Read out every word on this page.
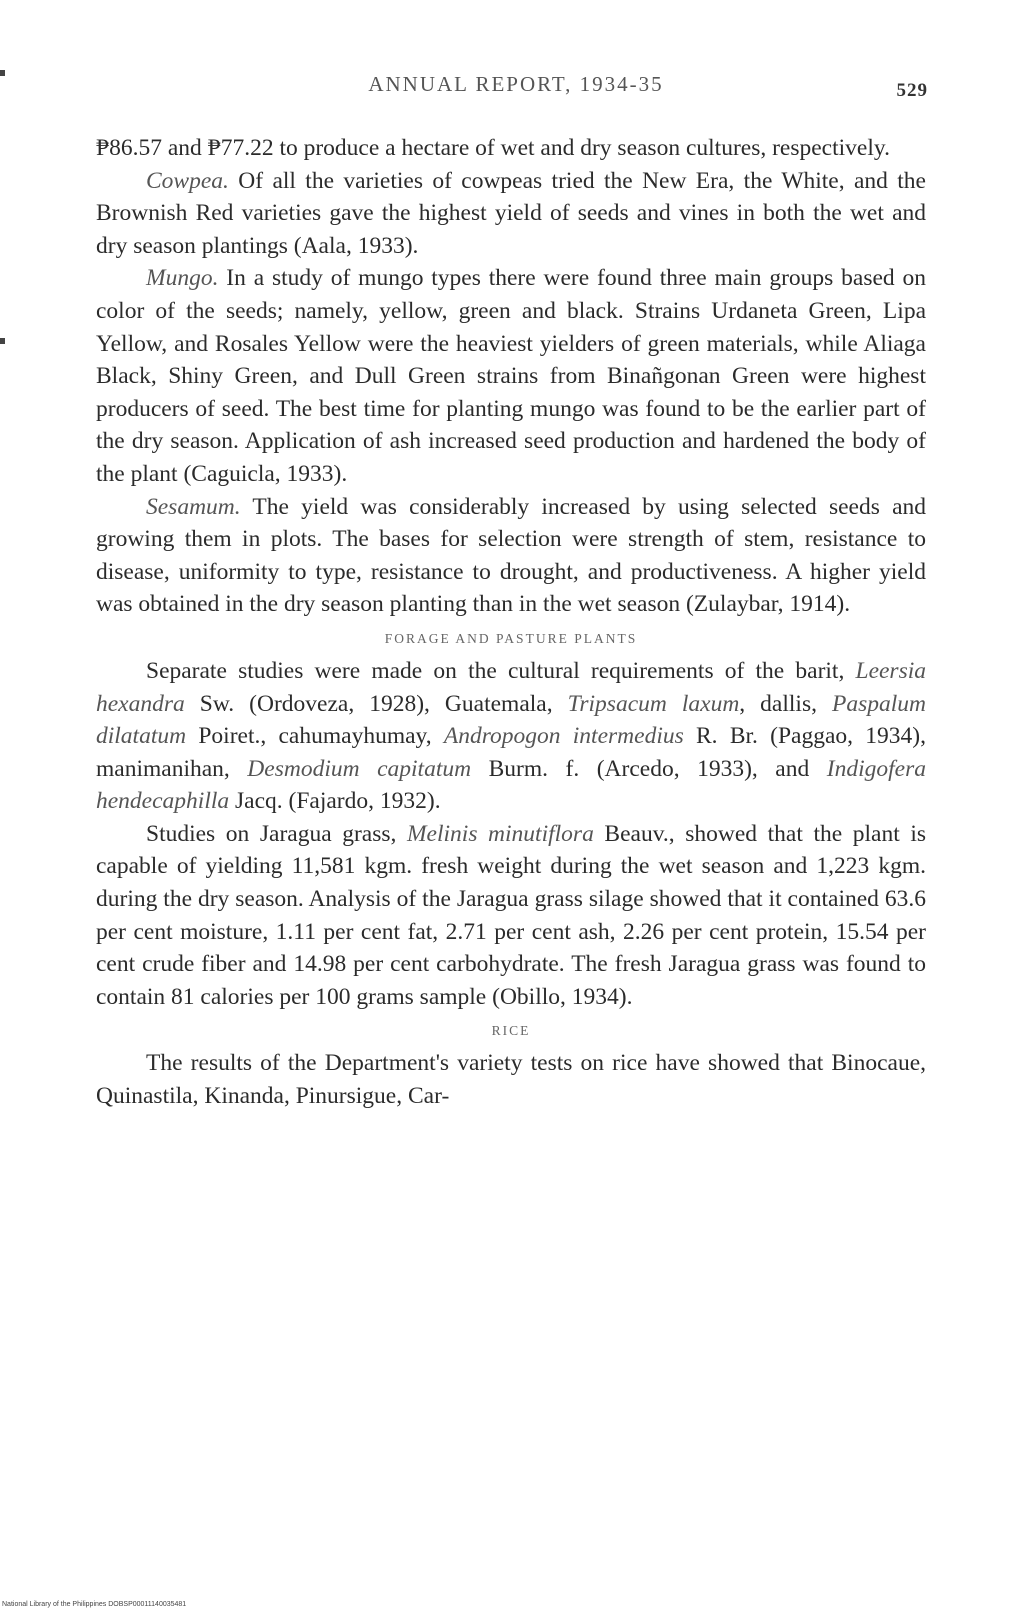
ANNUAL REPORT, 1934-35	529

₱86.57 and ₱77.22 to produce a hectare of wet and dry season cultures, respectively.

Cowpea. Of all the varieties of cowpeas tried the New Era, the White, and the Brownish Red varieties gave the highest yield of seeds and vines in both the wet and dry season plantings (Aala, 1933).

Mungo. In a study of mungo types there were found three main groups based on color of the seeds; namely, yellow, green and black. Strains Urdaneta Green, Lipa Yellow, and Rosales Yellow were the heaviest yielders of green materials, while Aliaga Black, Shiny Green, and Dull Green strains from Binañgonan Green were highest producers of seed. The best time for planting mungo was found to be the earlier part of the dry season. Application of ash increased seed production and hardened the body of the plant (Caguicla, 1933).

Sesamum. The yield was considerably increased by using selected seeds and growing them in plots. The bases for selection were strength of stem, resistance to disease, uniformity to type, resistance to drought, and productiveness. A higher yield was obtained in the dry season planting than in the wet season (Zulaybar, 1914).

FORAGE AND PASTURE PLANTS

Separate studies were made on the cultural requirements of the barit, Leersia hexandra Sw. (Ordoveza, 1928), Guatemala, Tripsacum laxum, dallis, Paspalum dilatatum Poiret., cahumayhumay, Andropogon intermedius R. Br. (Paggao, 1934), manimanihan, Desmodium capitatum Burm. f. (Arcedo, 1933), and Indigofera hendecaphilla Jacq. (Fajardo, 1932).

Studies on Jaragua grass, Melinis minutiflora Beauv., showed that the plant is capable of yielding 11,581 kgm. fresh weight during the wet season and 1,223 kgm. during the dry season. Analysis of the Jaragua grass silage showed that it contained 63.6 per cent moisture, 1.11 per cent fat, 2.71 per cent ash, 2.26 per cent protein, 15.54 per cent crude fiber and 14.98 per cent carbohydrate. The fresh Jaragua grass was found to contain 81 calories per 100 grams sample (Obillo, 1934).

RICE

The results of the Department's variety tests on rice have showed that Binocaue, Quinastila, Kinanda, Pinursigue, Car-

National Library of the Philippines DOBSP00011140035481
